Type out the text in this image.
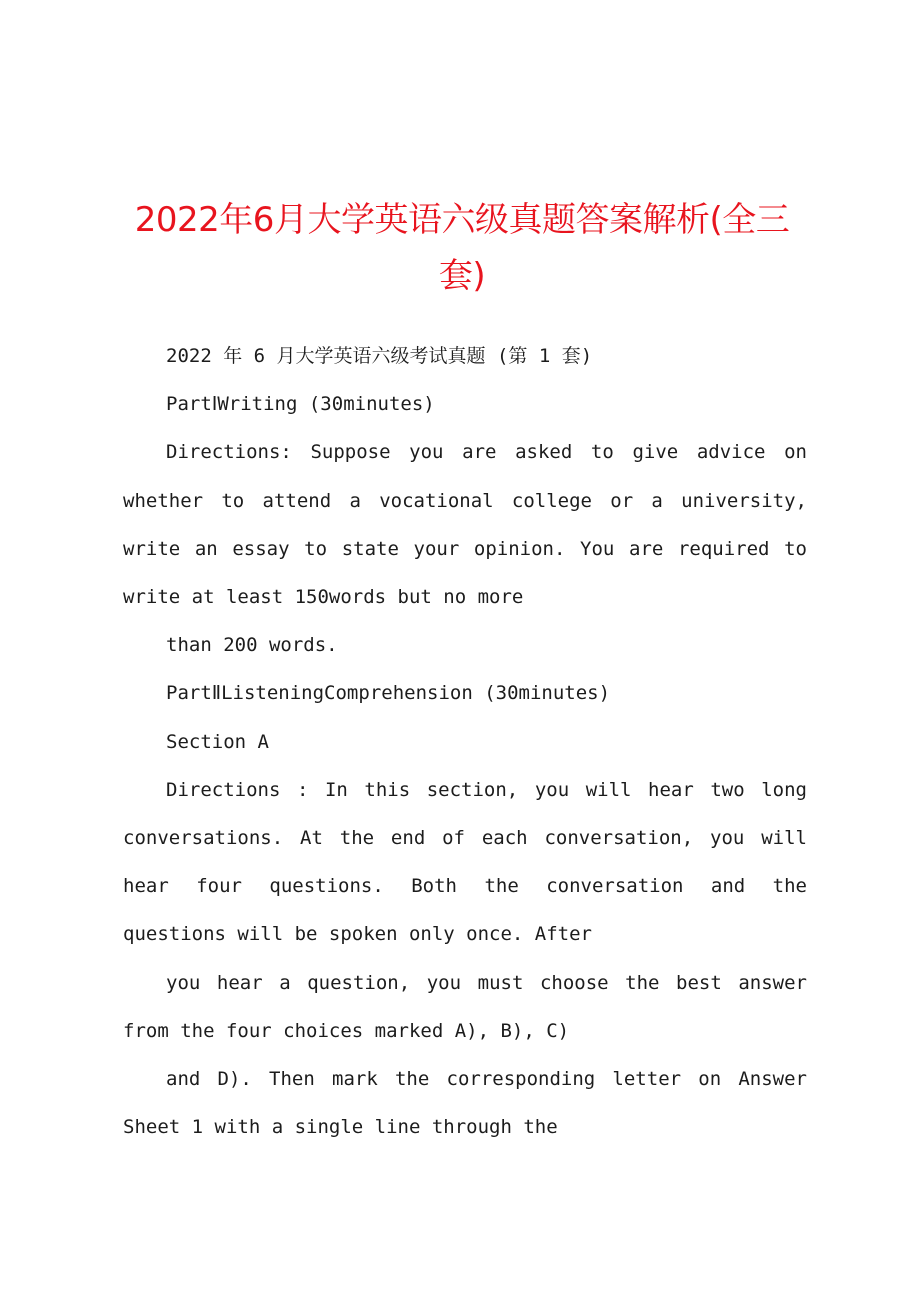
2022年6月大学英语六级真题答案解析(全三套)

2022 年 6 月大学英语六级考试真题 (第 1 套)

PartⅠWriting (30minutes)

Directions: Suppose you are asked to give advice on whether to attend a vocational college or a university, write an essay to state your opinion. You are required to write at least 150words but no more

than 200 words.

PartⅡListeningComprehension (30minutes)

Section A

Directions : In this section, you will hear two long conversations. At the end of each conversation, you will hear four questions. Both the conversation and the questions will be spoken only once. After

you hear a question, you must choose the best answer from the four choices marked A), B), C)

and D). Then mark the corresponding letter on Answer Sheet 1 with a single line through the
